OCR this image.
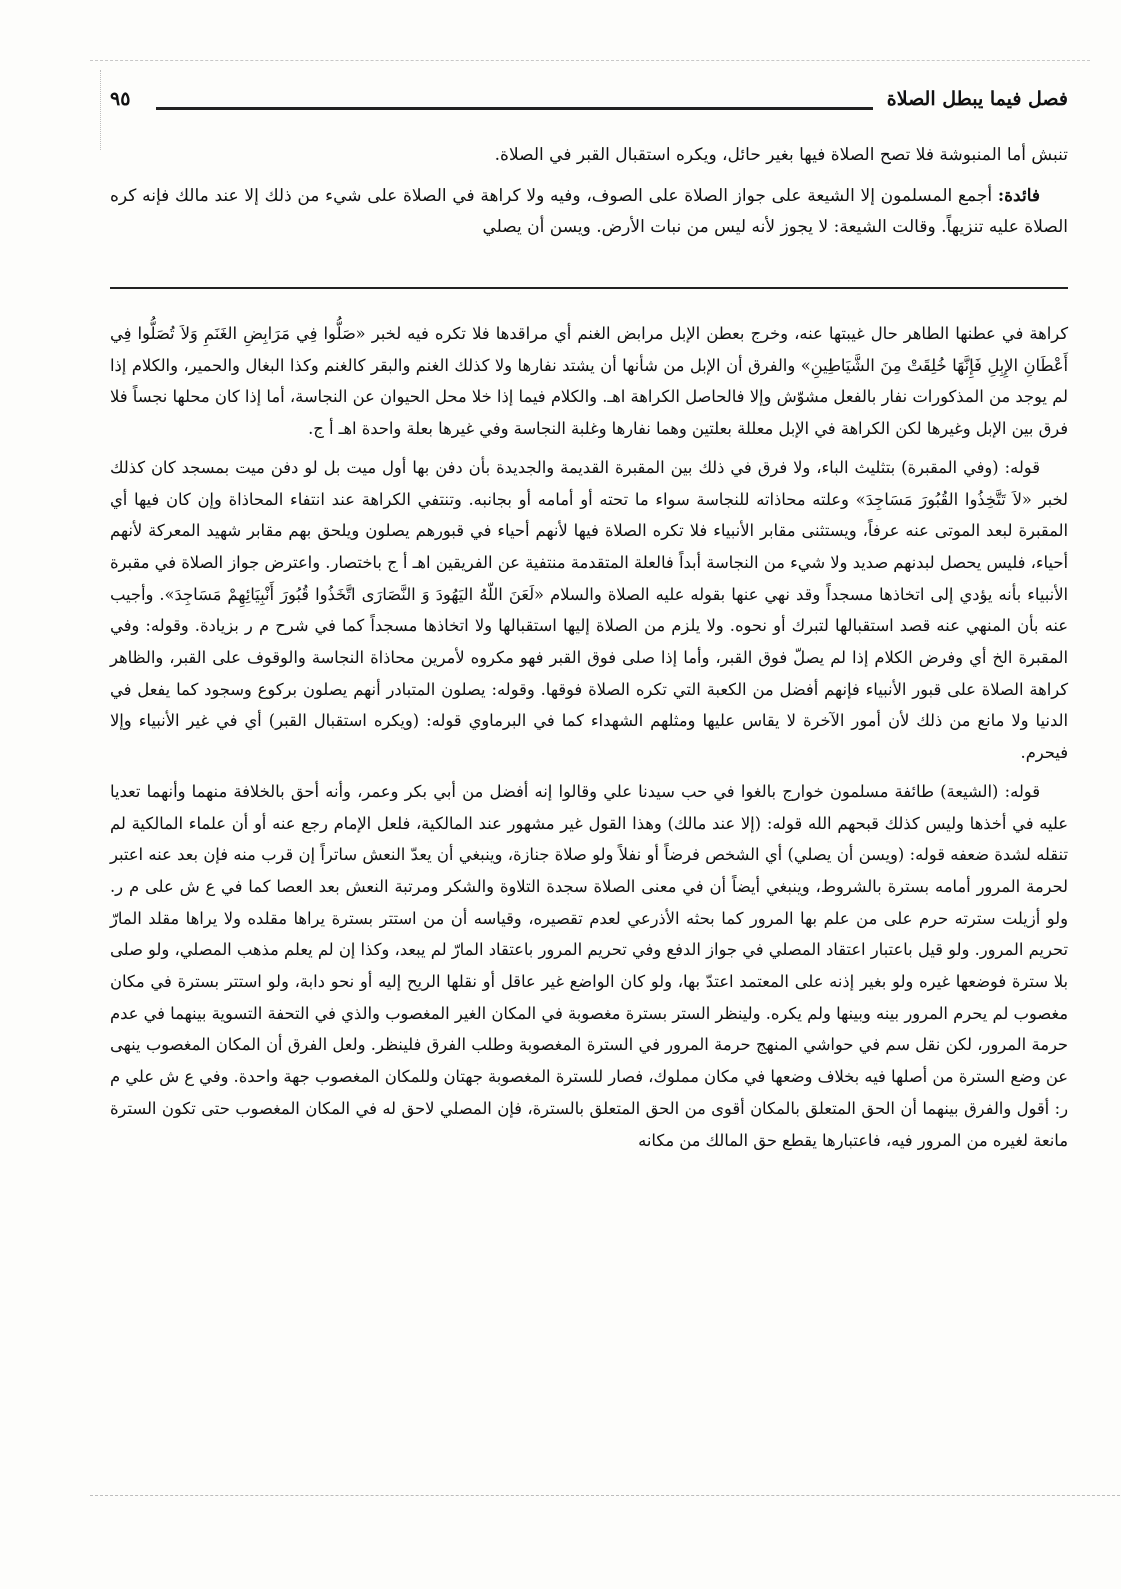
فصل فيما يبطل الصلاة
٩٥

تنبش أما المنبوشة فلا تصح الصلاة فيها بغير حائل، ويكره استقبال القبر في الصلاة.

فائدة: أجمع المسلمون إلا الشيعة على جواز الصلاة على الصوف، وفيه ولا كراهة في الصلاة على شيء من ذلك إلا عند مالك فإنه كره الصلاة عليه تنزيهاً. وقالت الشيعة: لا يجوز لأنه ليس من نبات الأرض. ويسن أن يصلي

كراهة في عطنها الطاهر حال غيبتها عنه، وخرج بعطن الإبل مرابض الغنم أي مراقدها فلا تكره فيه لخبر «صَلُّوا فِي مَرَابِضِ الغَنَمِ وَلاَ تُصَلُّوا فِي أَعْطَانِ الإِبِلِ فَإِنَّهَا خُلِقَتْ مِنَ الشَّيَاطِينِ» والفرق أن الإبل من شأنها أن يشتد نفارها ولا كذلك الغنم والبقر كالغنم وكذا البغال والحمير، والكلام إذا لم يوجد من المذكورات نفار بالفعل مشوّش وإلا فالحاصل الكراهة اهـ. والكلام فيما إذا خلا محل الحيوان عن النجاسة، أما إذا كان محلها نجساً فلا فرق بين الإبل وغيرها لكن الكراهة في الإبل معللة بعلتين وهما نفارها وغلبة النجاسة وفي غيرها بعلة واحدة اهـ أ ج.

قوله: (وفي المقبرة) بتثليث الباء، ولا فرق في ذلك بين المقبرة القديمة والجديدة بأن دفن بها أول ميت بل لو دفن ميت بمسجد كان كذلك لخبر «لاَ تَتَّخِذُوا القُبُورَ مَسَاجِدَ» وعلته محاذاته للنجاسة سواء ما تحته أو أمامه أو بجانبه. وتنتفي الكراهة عند انتفاء المحاذاة وإن كان فيها أي المقبرة لبعد الموتى عنه عرفاً، ويستثنى مقابر الأنبياء فلا تكره الصلاة فيها لأنهم أحياء في قبورهم يصلون ويلحق بهم مقابر شهيد المعركة لأنهم أحياء، فليس يحصل لبدنهم صديد ولا شيء من النجاسة أبداً فالعلة المتقدمة منتفية عن الفريقين اهـ أ ج باختصار. واعترض جواز الصلاة في مقبرة الأنبياء بأنه يؤدي إلى اتخاذها مسجداً وقد نهي عنها بقوله عليه الصلاة والسلام «لَعَنَ اللّهُ اليَهُودَ وَ النَّصَارَى اتَّخَذُوا قُبُورَ أَنْبِيَائِهِمْ مَسَاجِدَ». وأجيب عنه بأن المنهي عنه قصد استقبالها لتبرك أو نحوه. ولا يلزم من الصلاة إليها استقبالها ولا اتخاذها مسجداً كما في شرح م ر بزيادة. وقوله: وفي المقبرة الخ أي وفرض الكلام إذا لم يصلّ فوق القبر، وأما إذا صلى فوق القبر فهو مكروه لأمرين محاذاة النجاسة والوقوف على القبر، والظاهر كراهة الصلاة على قبور الأنبياء فإنهم أفضل من الكعبة التي تكره الصلاة فوقها. وقوله: يصلون المتبادر أنهم يصلون بركوع وسجود كما يفعل في الدنيا ولا مانع من ذلك لأن أمور الآخرة لا يقاس عليها ومثلهم الشهداء كما في البرماوي قوله: (ويكره استقبال القبر) أي في غير الأنبياء وإلا فيحرم.

قوله: (الشيعة) طائفة مسلمون خوارج بالغوا في حب سيدنا علي وقالوا إنه أفضل من أبي بكر وعمر، وأنه أحق بالخلافة منهما وأنهما تعديا عليه في أخذها وليس كذلك قبحهم الله قوله: (إلا عند مالك) وهذا القول غير مشهور عند المالكية، فلعل الإمام رجع عنه أو أن علماء المالكية لم تنقله لشدة ضعفه قوله: (ويسن أن يصلي) أي الشخص فرضاً أو نفلاً ولو صلاة جنازة، وينبغي أن يعدّ النعش ساتراً إن قرب منه فإن بعد عنه اعتبر لحرمة المرور أمامه بسترة بالشروط، وينبغي أيضاً أن في معنى الصلاة سجدة التلاوة والشكر ومرتبة النعش بعد العصا كما في ع ش على م ر. ولو أزيلت سترته حرم على من علم بها المرور كما بحثه الأذرعي لعدم تقصيره، وقياسه أن من استتر بسترة يراها مقلده ولا يراها مقلد المارّ تحريم المرور. ولو قيل باعتبار اعتقاد المصلي في جواز الدفع وفي تحريم المرور باعتقاد المارّ لم يبعد، وكذا إن لم يعلم مذهب المصلي، ولو صلى بلا سترة فوضعها غيره ولو بغير إذنه على المعتمد اعتدّ بها، ولو كان الواضع غير عاقل أو نقلها الريح إليه أو نحو دابة، ولو استتر بسترة في مكان مغصوب لم يحرم المرور بينه وبينها ولم يكره. ولينظر الستر بسترة مغصوبة في المكان الغير المغصوب والذي في التحفة التسوية بينهما في عدم حرمة المرور، لكن نقل سم في حواشي المنهج حرمة المرور في السترة المغصوبة وطلب الفرق فلينظر. ولعل الفرق أن المكان المغصوب ينهى عن وضع السترة من أصلها فيه بخلاف وضعها في مكان مملوك، فصار للسترة المغصوبة جهتان وللمكان المغصوب جهة واحدة. وفي ع ش علي م ر: أقول والفرق بينهما أن الحق المتعلق بالمكان أقوى من الحق المتعلق بالسترة، فإن المصلي لاحق له في المكان المغصوب حتى تكون السترة مانعة لغيره من المرور فيه، فاعتبارها يقطع حق المالك من مكانه
